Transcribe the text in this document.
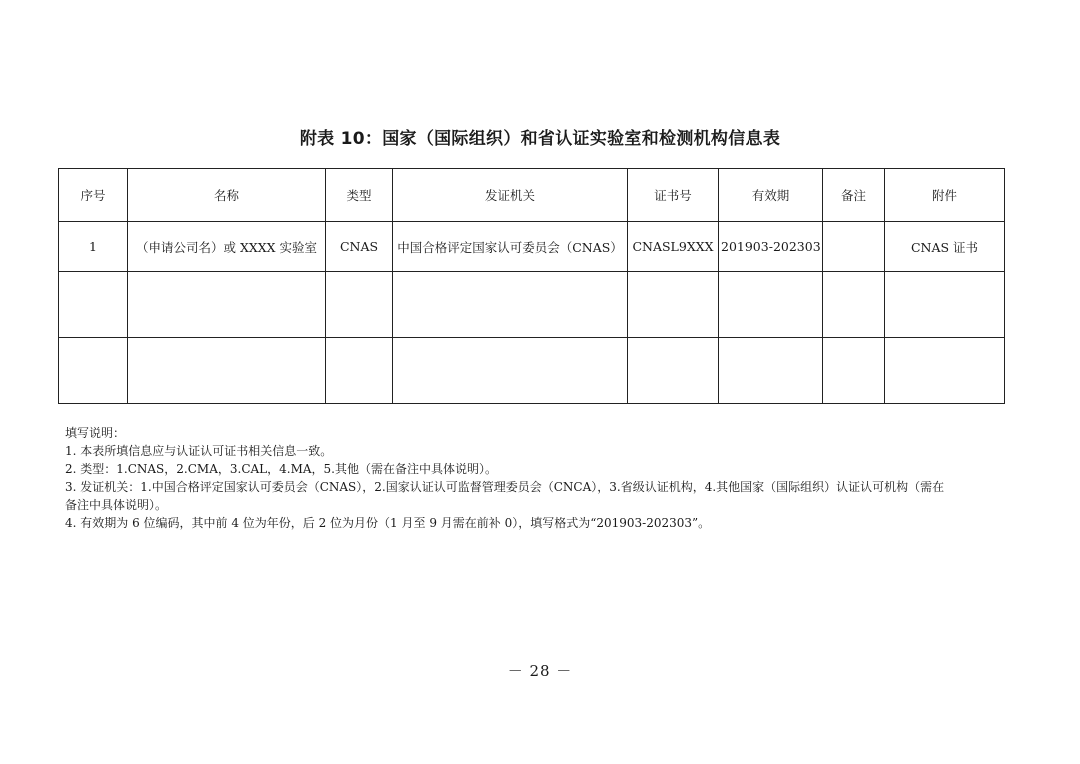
附表 10：国家（国际组织）和省认证实验室和检测机构信息表
序号	名称	类型	发证机关	证书号	有效期	备注	附件
1	（申请公司名）或 XXXX 实验室	CNAS	中国合格评定国家认可委员会（CNAS）	CNASL9XXX	201903-202303		CNAS 证书

填写说明：
1. 本表所填信息应与认证认可证书相关信息一致。
2. 类型：1.CNAS，2.CMA，3.CAL，4.MA，5.其他（需在备注中具体说明）。
3. 发证机关：1.中国合格评定国家认可委员会（CNAS），2.国家认证认可监督管理委员会（CNCA），3.省级认证机构，4.其他国家（国际组织）认证认可机构（需在
备注中具体说明）。
4. 有效期为 6 位编码，其中前 4 位为年份，后 2 位为月份（1 月至 9 月需在前补 0），填写格式为“201903-202303”。
－ 28 －
